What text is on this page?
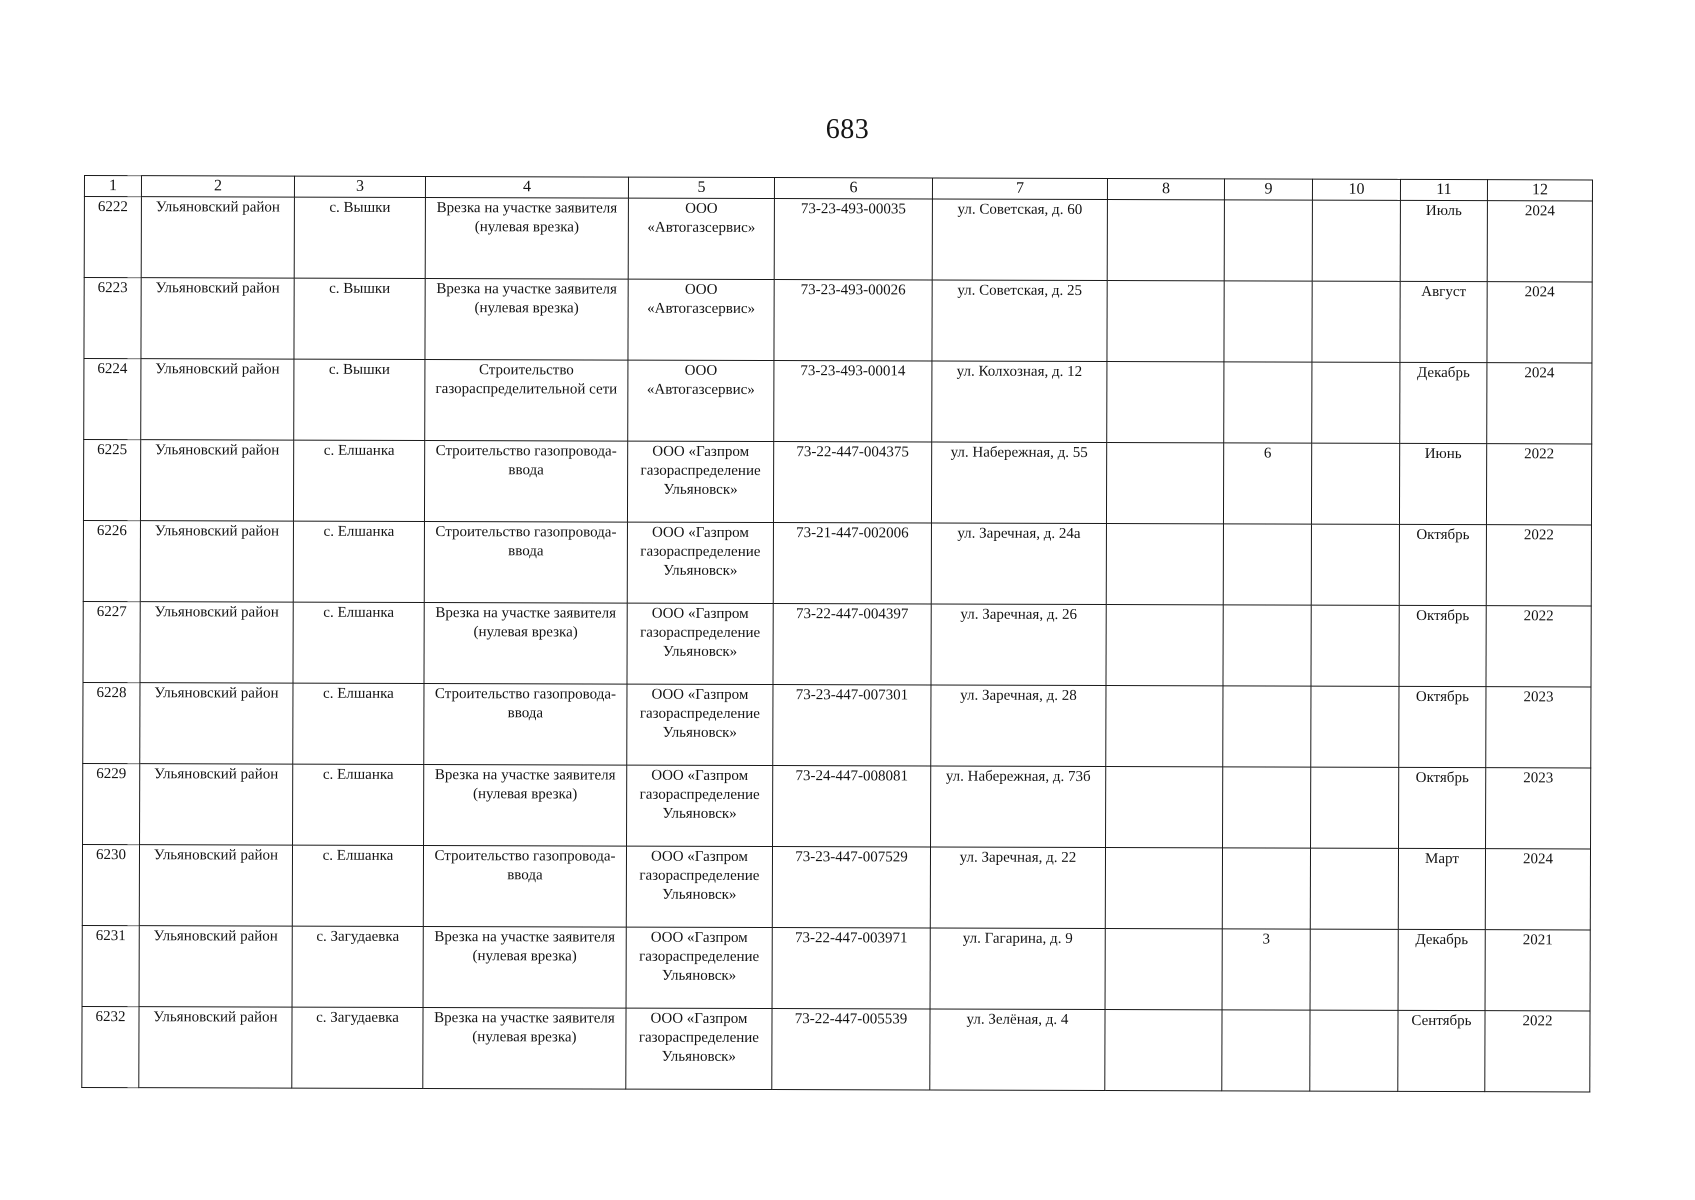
683
1	2	3	4	5	6	7	8	9	10	11	12
6222	Ульяновский район	с. Вышки	Врезка на участке заявителя (нулевая врезка)	ООО «Автогазсервис»	73-23-493-00035	ул. Советская, д. 60				Июль	2024
6223	Ульяновский район	с. Вышки	Врезка на участке заявителя (нулевая врезка)	ООО «Автогазсервис»	73-23-493-00026	ул. Советская, д. 25				Август	2024
6224	Ульяновский район	с. Вышки	Строительство газораспределительной сети	ООО «Автогазсервис»	73-23-493-00014	ул. Колхозная, д. 12				Декабрь	2024
6225	Ульяновский район	с. Елшанка	Строительство газопровода-ввода	ООО «Газпром газораспределение Ульяновск»	73-22-447-004375	ул. Набережная, д. 55		6		Июнь	2022
6226	Ульяновский район	с. Елшанка	Строительство газопровода-ввода	ООО «Газпром газораспределение Ульяновск»	73-21-447-002006	ул. Заречная, д. 24а				Октябрь	2022
6227	Ульяновский район	с. Елшанка	Врезка на участке заявителя (нулевая врезка)	ООО «Газпром газораспределение Ульяновск»	73-22-447-004397	ул. Заречная, д. 26				Октябрь	2022
6228	Ульяновский район	с. Елшанка	Строительство газопровода-ввода	ООО «Газпром газораспределение Ульяновск»	73-23-447-007301	ул. Заречная, д. 28				Октябрь	2023
6229	Ульяновский район	с. Елшанка	Врезка на участке заявителя (нулевая врезка)	ООО «Газпром газораспределение Ульяновск»	73-24-447-008081	ул. Набережная, д. 73б				Октябрь	2023
6230	Ульяновский район	с. Елшанка	Строительство газопровода-ввода	ООО «Газпром газораспределение Ульяновск»	73-23-447-007529	ул. Заречная, д. 22				Март	2024
6231	Ульяновский район	с. Загудаевка	Врезка на участке заявителя (нулевая врезка)	ООО «Газпром газораспределение Ульяновск»	73-22-447-003971	ул. Гагарина, д. 9		3		Декабрь	2021
6232	Ульяновский район	с. Загудаевка	Врезка на участке заявителя (нулевая врезка)	ООО «Газпром газораспределение Ульяновск»	73-22-447-005539	ул. Зелёная, д. 4				Сентябрь	2022
